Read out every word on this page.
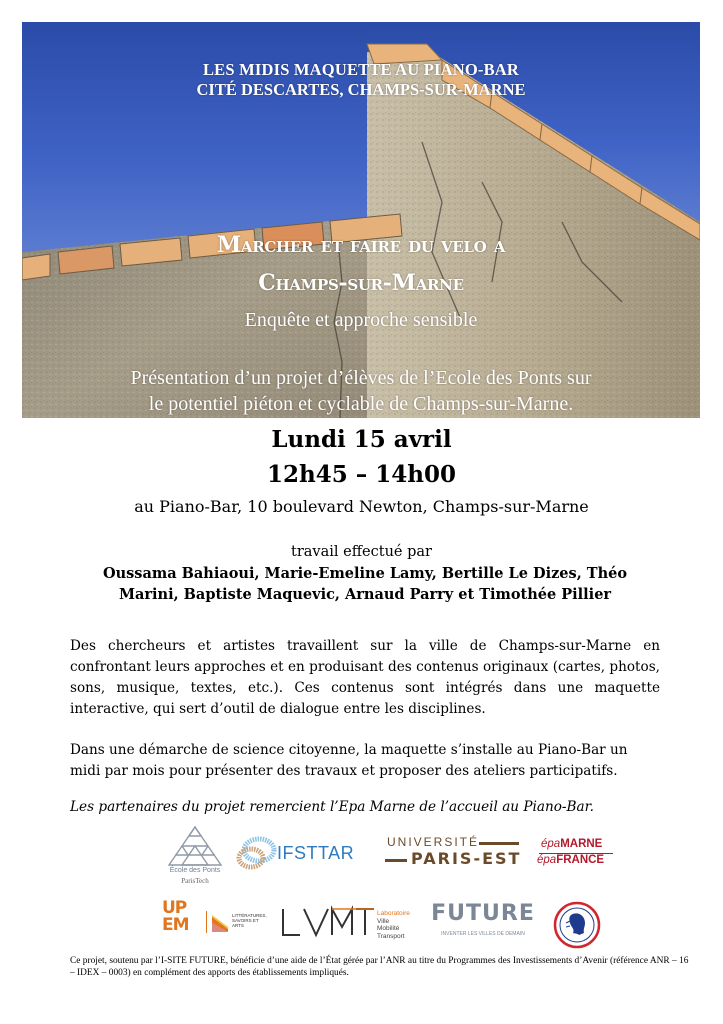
LES MIDIS MAQUETTE AU PIANO-BAR
CITÉ DESCARTES, CHAMPS-SUR-MARNE
Marcher et faire du velo a
Champs-sur-Marne
Enquête et approche sensible
Présentation d’un projet d’élèves de l’Ecole des Ponts sur
le potentiel piéton et cyclable de Champs-sur-Marne.
Lundi 15 avril
12h45 – 14h00
au Piano-Bar, 10 boulevard Newton, Champs-sur-Marne
travail effectué par
Oussama Bahiaoui, Marie-Emeline Lamy, Bertille Le Dizes, Théo Marini, Baptiste Maquevic, Arnaud Parry et Timothée Pillier
Des chercheurs et artistes travaillent sur la ville de Champs-sur-Marne en confrontant leurs approches et en produisant des contenus originaux (cartes, photos, sons, musique, textes, etc.). Ces contenus sont intégrés dans une maquette interactive, qui sert d’outil de dialogue entre les disciplines.
Dans une démarche de science citoyenne, la maquette s’installe au Piano-Bar un midi par mois pour présenter des travaux et proposer des ateliers participatifs.
Les partenaires du projet remercient l’Epa Marne de l’accueil au Piano-Bar.
École des Ponts
ParisTech
IFSTTAR
UNIVERSITÉ
PARIS-EST
épaMARNE
épaFRANCE
UP
EM	LITTÉRATURES, SAVOIRS ET ARTS
Laboratoire
Ville
Mobilité
Transport
FUTURE
INVENTER LES VILLES DE DEMAIN
Ce projet, soutenu par l’I-SITE FUTURE, bénéficie d’une aide de l’État gérée par l’ANR au titre du Programmes des Investissements d’Avenir (référence ANR – 16 – IDEX – 0003) en complément des apports des établissements impliqués.
